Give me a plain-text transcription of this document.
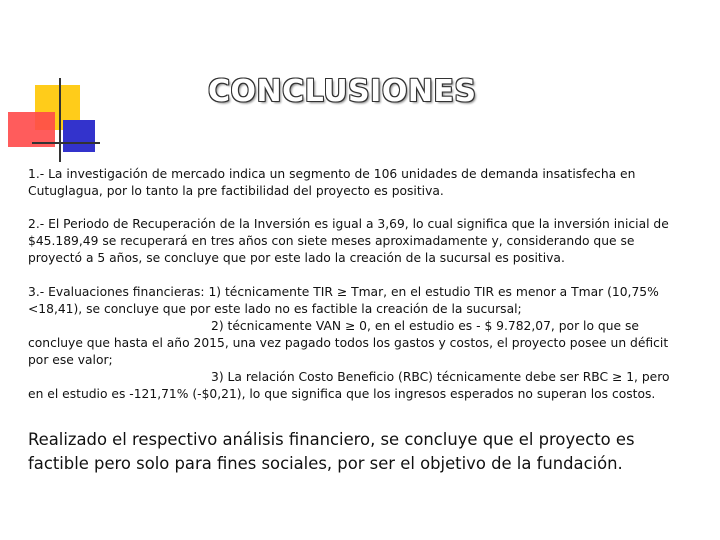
CONCLUSIONES

1.- La investigación de mercado indica un segmento de 106 unidades de demanda insatisfecha en Cutuglagua, por lo tanto la pre factibilidad del proyecto es positiva.

2.- El Periodo de Recuperación de la Inversión es igual a 3,69, lo cual significa que la inversión inicial de $45.189,49 se recuperará en tres años con siete meses aproximadamente y, considerando que se proyectó a 5 años, se concluye que por este lado la creación de la sucursal es positiva.

3.- Evaluaciones financieras: 1) técnicamente TIR ≥ Tmar, en el estudio TIR es menor a Tmar (10,75% <18,41), se concluye que por este lado no es factible la creación de la sucursal;
2) técnicamente VAN ≥ 0, en el estudio es - $ 9.782,07, por lo que se
concluye que hasta el año 2015, una vez pagado todos los gastos y costos, el proyecto posee un déficit por ese valor;
3) La relación Costo Beneficio (RBC) técnicamente debe ser RBC ≥ 1, pero
en el estudio es -121,71% (-$0,21), lo que significa que los ingresos esperados no superan los costos.

Realizado el respectivo análisis financiero, se concluye que el proyecto es factible pero solo para fines sociales, por ser el objetivo de la fundación.
